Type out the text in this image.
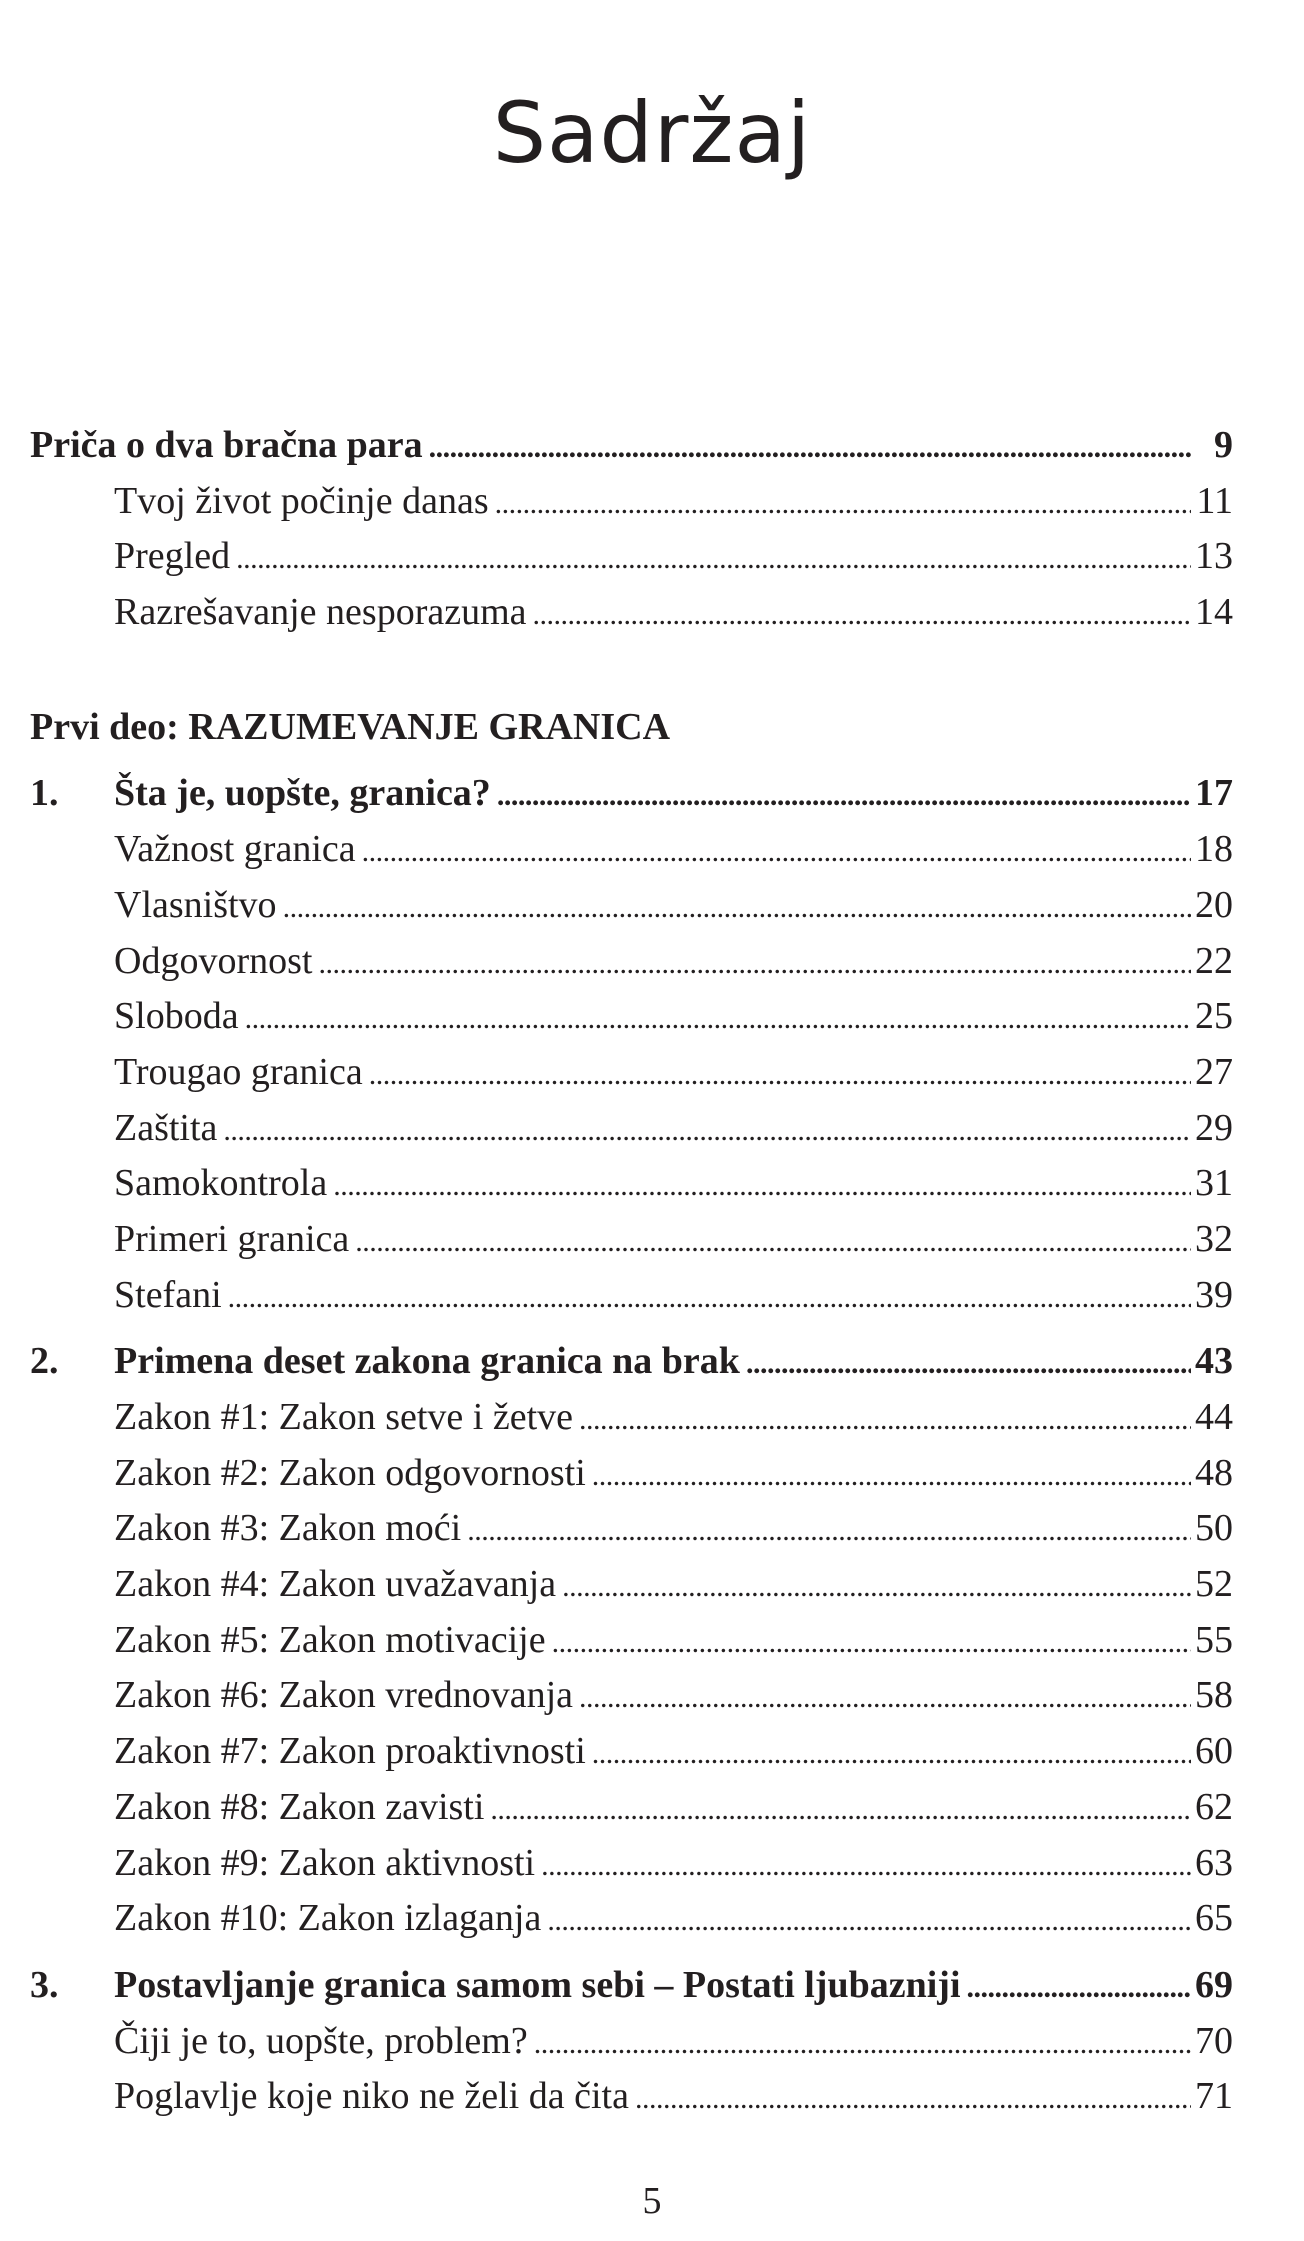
Sadržaj
Priča o dva bračna para . . .	9
Tvoj život počinje danas . . .	11
Pregled . . .	13
Razrešavanje nesporazuma . . .	14
Prvi deo: RAZUMEVANJE GRANICA
1.	Šta je, uopšte, granica? . . .	17
Važnost granica . . .	18
Vlasništvo . . .	20
Odgovornost . . .	22
Sloboda . . .	25
Trougao granica . . .	27
Zaštita . . .	29
Samokontrola . . .	31
Primeri granica . . .	32
Stefani . . .	39
2.	Primena deset zakona granica na brak . . .	43
Zakon #1: Zakon setve i žetve . . .	44
Zakon #2: Zakon odgovornosti . . .	48
Zakon #3: Zakon moći . . .	50
Zakon #4: Zakon uvažavanja . . .	52
Zakon #5: Zakon motivacije . . .	55
Zakon #6: Zakon vrednovanja . . .	58
Zakon #7: Zakon proaktivnosti . . .	60
Zakon #8: Zakon zavisti . . .	62
Zakon #9: Zakon aktivnosti . . .	63
Zakon #10: Zakon izlaganja . . .	65
3.	Postavljanje granica samom sebi – Postati ljubazniji . . .	69
Čiji je to, uopšte, problem? . . .	70
Poglavlje koje niko ne želi da čita . . .	71
5
